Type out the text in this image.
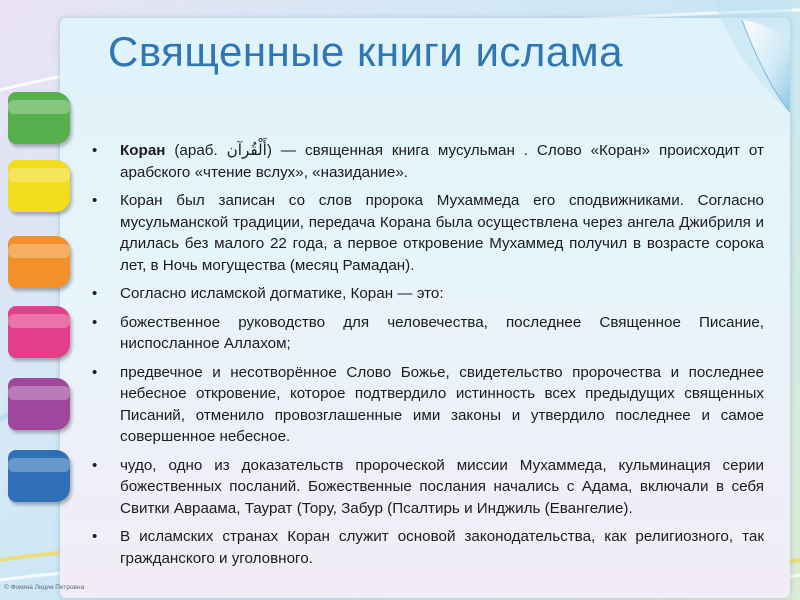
Священные книги ислама
• Коран (араб. أَلْقُرآن‎) — священная книга мусульман . Слово «Коран» происходит от арабского «чтение вслух», «назидание».
• Коран был записан со слов пророка Мухаммеда его сподвижниками. Согласно мусульманской традиции, передача Корана была осуществлена через ангела Джибриля и длилась без малого 22 года, а первое откровение Мухаммед получил в возрасте сорока лет, в Ночь могущества (месяц Рамадан).
• Согласно исламской догматике, Коран — это:
• божественное руководство для человечества, последнее Священное Писание, ниспосланное Аллахом;
• предвечное и несотворённое Слово Божье, свидетельство пророчества и последнее небесное откровение, которое подтвердило истинность всех предыдущих священных Писаний, отменило провозглашенные ими законы и утвердило последнее и самое совершенное небесное.
• чудо, одно из доказательств пророческой миссии Мухаммеда, кульминация серии божественных посланий. Божественные послания начались с Адама, включали в себя Свитки Авраама, Таурат (Тору, Забур (Псалтирь и Инджиль (Евангелие).
• В исламских странах Коран служит основой законодательства, как религиозного, так гражданского и уголовного.
© Фокина Лидия Петровна
